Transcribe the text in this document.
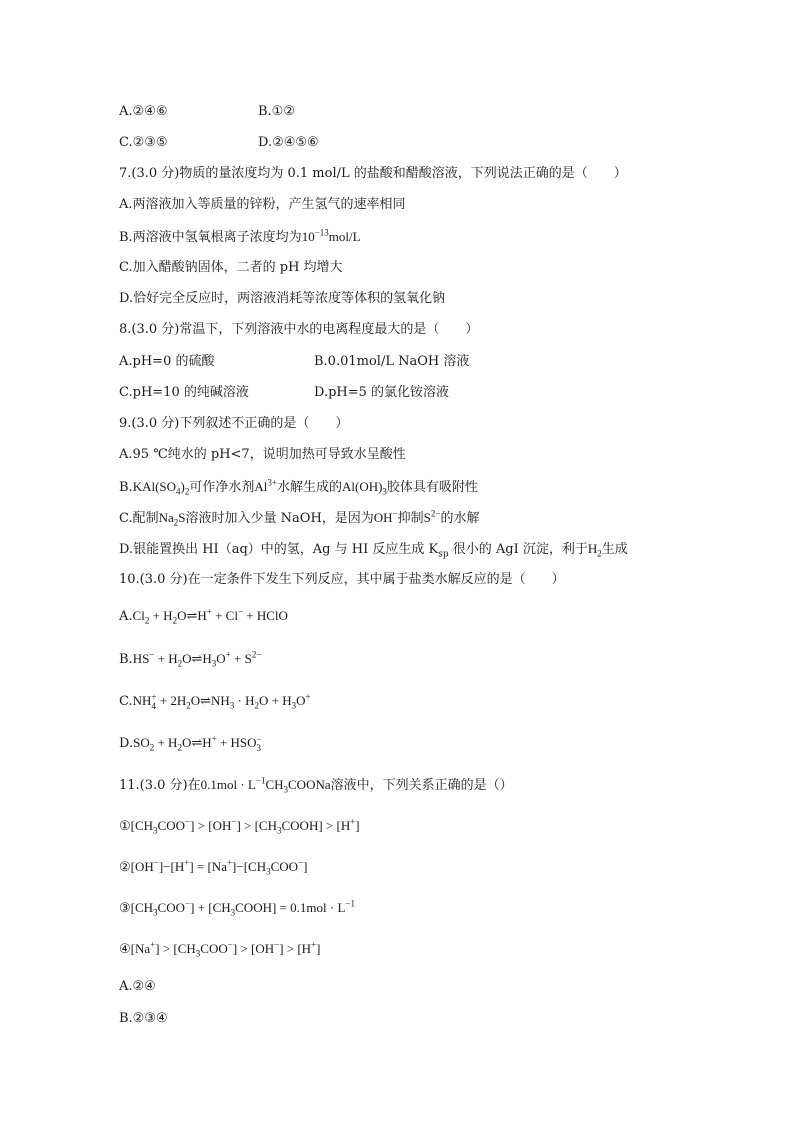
A.②④⑥	B.①②
C.②③⑤	D.②④⑤⑥
7.(3.0 分)物质的量浓度均为 0.1 mol/L 的盐酸和醋酸溶液，下列说法正确的是（　　）
A.两溶液加入等质量的锌粉，产生氢气的速率相同
B.两溶液中氢氧根离子浓度均为$10^{-13}mol/L$
C.加入醋酸钠固体，二者的 pH 均增大
D.恰好完全反应时，两溶液消耗等浓度等体积的氢氧化钠
8.(3.0 分)常温下，下列溶液中水的电离程度最大的是（　　）
A.pH=0 的硫酸	B.0.01mol/L NaOH 溶液
C.pH=10 的纯碱溶液	D.pH=5 的氯化铵溶液
9.(3.0 分)下列叙述不正确的是（　　）
A.95 ℃纯水的 pH<7，说明加热可导致水呈酸性
$B.KAl(SO_4)_2$可作净水剂$Al^{3+}$水解生成的$Al(OH)_3$胶体具有吸附性
C.配制$Na_2S$溶液时加入少量 NaOH，是因为OH−抑制$S^{2-}$的水解
D.银能置换出 HI（aq）中的氢，Ag 与 HI 反应生成 $K_{sp}$ 很小的 AgI 沉淀，利于$H_2$生成
10.(3.0 分)在一定条件下发生下列反应，其中属于盐类水解反应的是（　　）
$A.Cl_2$ + $H_2O\rightleftharpoons H^+ + Cl^-$ + HClO
$B.HS^- + H_2O\rightleftharpoons H_3O^+ + S^{2-}$
C.NH +
$4 + 2H_2O\rightleftharpoons NH_3 \cdot H_2O + H_3O^+$
$D.SO_2$ + $H_2O\rightleftharpoons H^+$ + HSO −
3
11.(3.0 分)在$0.1mol \cdot L^{-1}CH_3COONa$溶液中，下列关系正确的是（）
$①[CH_3COO^-] > [OH^-]$ > $[CH_3COOH] > [H^+]$
②[OH−]−[H+] = $[Na^+]-[CH_3COO^-]$
$③[CH_3COO^-]$ + $[CH_3COOH] = 0.1mol \cdot L^{-1}$
④[Na+] > $[CH_3COO^-] > [OH^-] > [H^+]$
A.②④
B.②③④
